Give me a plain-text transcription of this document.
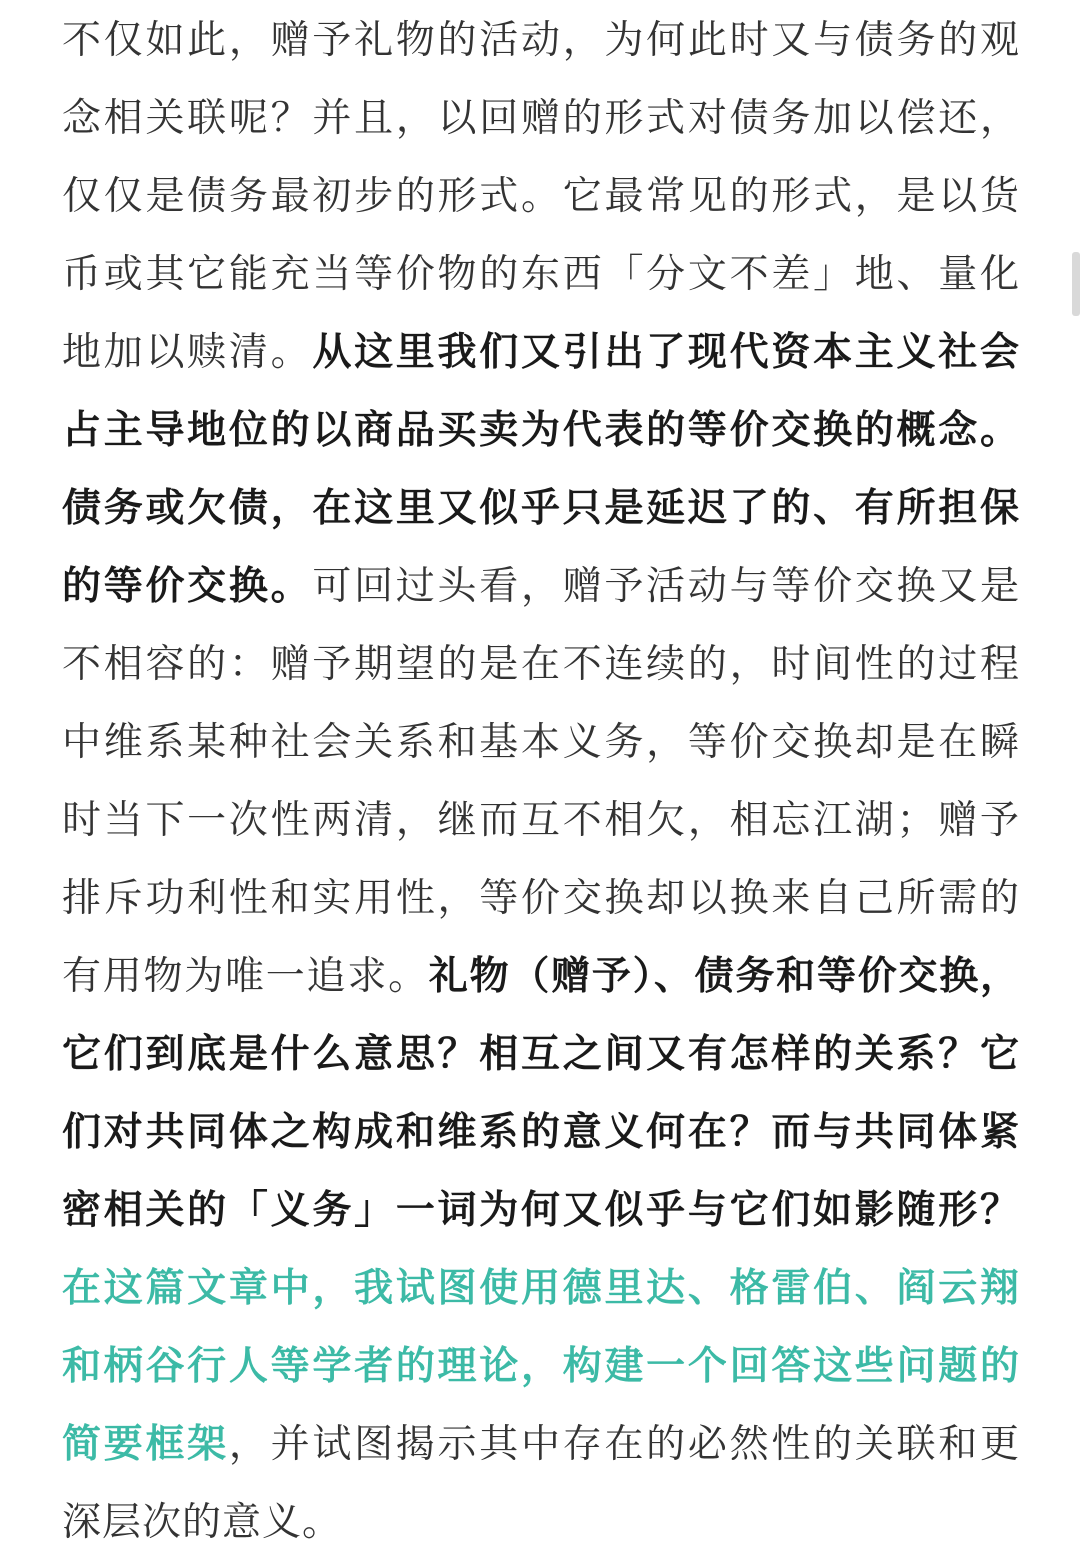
不仅如此，赠予礼物的活动，为何此时又与债务的观念相关联呢？并且，以回赠的形式对债务加以偿还，仅仅是债务最初步的形式。它最常见的形式，是以货币或其它能充当等价物的东西「分文不差」地、量化地加以赎清。从这里我们又引出了现代资本主义社会占主导地位的以商品买卖为代表的等价交换的概念。债务或欠债，在这里又似乎只是延迟了的、有所担保的等价交换。可回过头看，赠予活动与等价交换又是不相容的：赠予期望的是在不连续的，时间性的过程中维系某种社会关系和基本义务，等价交换却是在瞬时当下一次性两清，继而互不相欠，相忘江湖；赠予排斥功利性和实用性，等价交换却以换来自己所需的有用物为唯一追求。礼物（赠予）、债务和等价交换，它们到底是什么意思？相互之间又有怎样的关系？它们对共同体之构成和维系的意义何在？而与共同体紧密相关的「义务」一词为何又似乎与它们如影随形？在这篇文章中，我试图使用德里达、格雷伯、阎云翔和柄谷行人等学者的理论，构建一个回答这些问题的简要框架，并试图揭示其中存在的必然性的关联和更深层次的意义。
